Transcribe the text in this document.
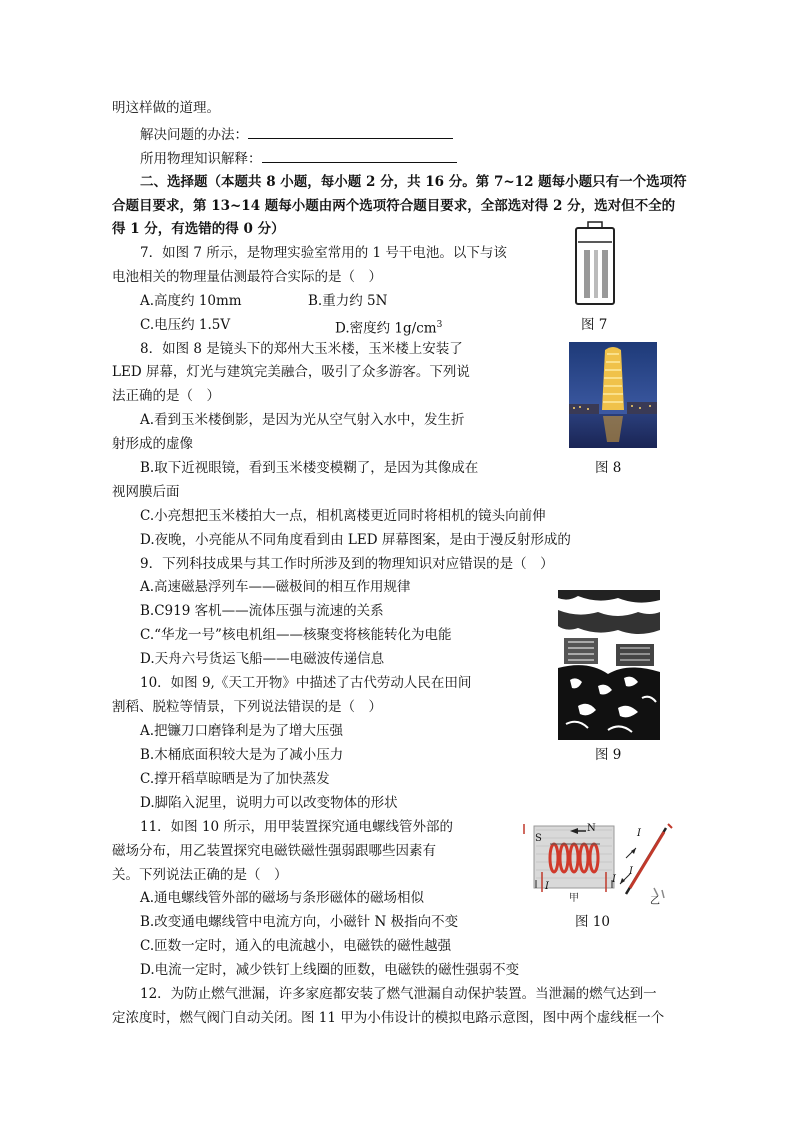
明这样做的道理。
解决问题的办法：
所用物理知识解释：
二、选择题（本题共 8 小题，每小题 2 分，共 16 分。第 7~12 题每小题只有一个选项符
合题目要求，第 13~14 题每小题由两个选项符合题目要求，全部选对得 2 分，选对但不全的
得 1 分，有选错的得 0 分）
7．如图 7 所示，是物理实验室常用的 1 号干电池。以下与该
电池相关的物理量估测最符合实际的是（　）
A.高度约 10mm	B.重力约 5N
C.电压约 1.5V	D.密度约 $1g/cm^3$
8．如图 8 是镜头下的郑州大玉米楼，玉米楼上安装了
LED 屏幕，灯光与建筑完美融合，吸引了众多游客。下列说
法正确的是（　）
A.看到玉米楼倒影，是因为光从空气射入水中，发生折
射形成的虚像
B.取下近视眼镜，看到玉米楼变模糊了，是因为其像成在
视网膜后面
C.小亮想把玉米楼拍大一点，相机离楼更近同时将相机的镜头向前伸
D.夜晚，小亮能从不同角度看到由 LED 屏幕图案，是由于漫反射形成的
9．下列科技成果与其工作时所涉及到的物理知识对应错误的是（　）
A.高速磁悬浮列车——磁极间的相互作用规律
B.C919 客机——流体压强与流速的关系
C.“华龙一号”核电机组——核聚变将核能转化为电能
D.天舟六号货运飞船——电磁波传递信息
10．如图 9,《天工开物》中描述了古代劳动人民在田间
割稻、脱粒等情景，下列说法错误的是（　）
A.把镰刀口磨锋利是为了增大压强
B.木桶底面积较大是为了减小压力
C.撑开稻草晾晒是为了加快蒸发
D.脚陷入泥里，说明力可以改变物体的形状
11．如图 10 所示，用甲装置探究通电螺线管外部的
磁场分布，用乙装置探究电磁铁磁性强弱跟哪些因素有
关。下列说法正确的是（　）
A.通电螺线管外部的磁场与条形磁体的磁场相似
B.改变通电螺线管中电流方向，小磁针 N 极指向不变
C.匝数一定时，通入的电流越小，电磁铁的磁性越强
D.电流一定时，减少铁钉上线圈的匝数，电磁铁的磁性强弱不变
12．为防止燃气泄漏，许多家庭都安装了燃气泄漏自动保护装置。当泄漏的燃气达到一
定浓度时，燃气阀门自动关闭。图 11 甲为小伟设计的模拟电路示意图，图中两个虚线框一个
图 7
图 8
图 9
S
N
I
I
I
I
甲	乙
图 10
